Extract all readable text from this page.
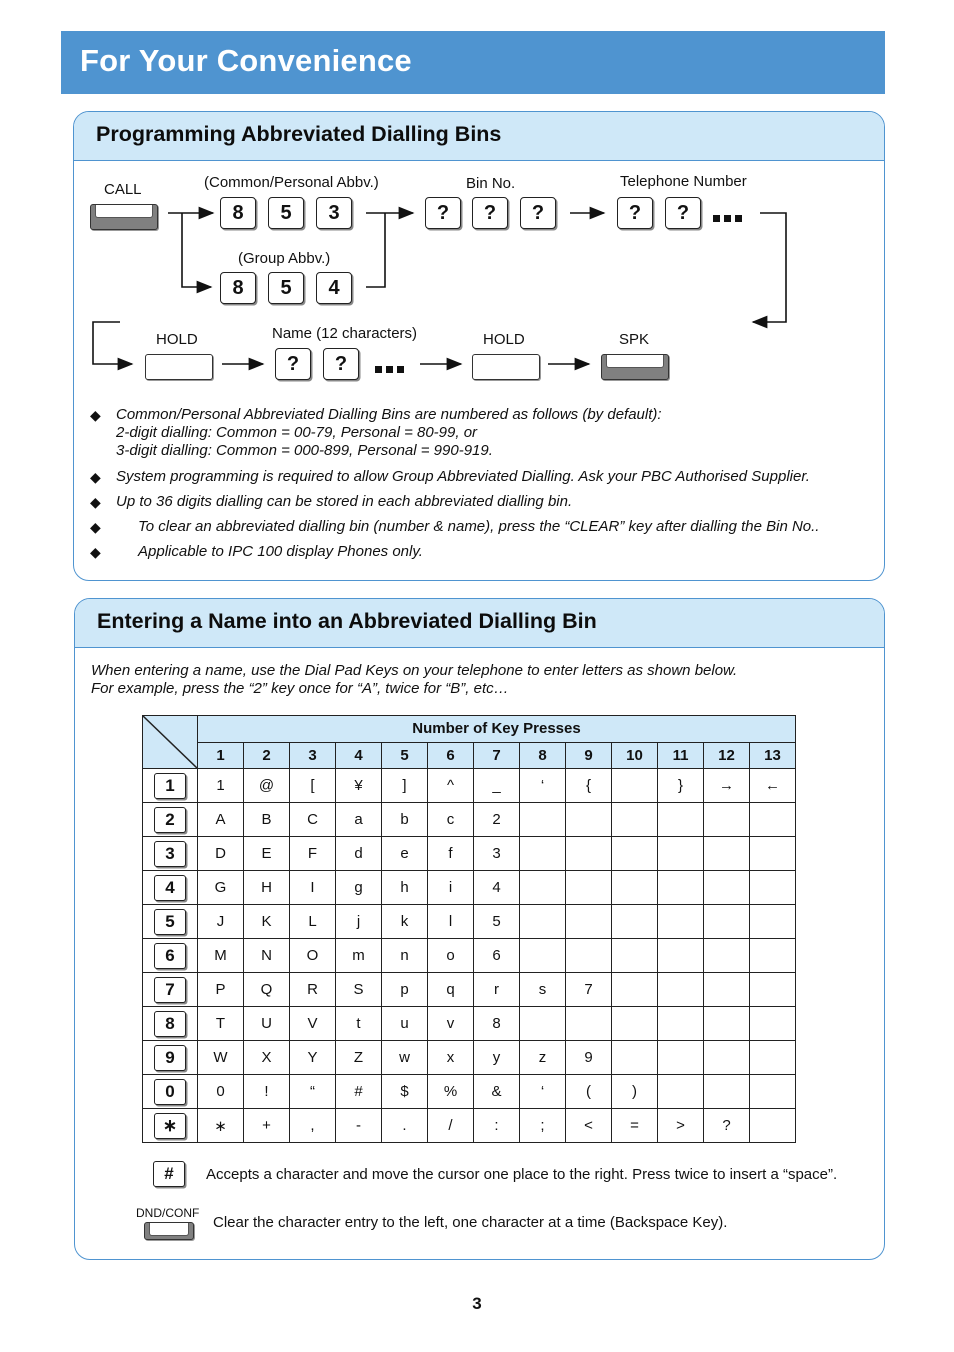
For Your Convenience
Programming Abbreviated Dialling Bins
CALL	(Common/Personal Abbv.)
8	5	3
(Group Abbv.)
8	5	4
Bin No.
?	?	?
Telephone Number
?	?
HOLD	Name (12 characters)
?	?
HOLD	SPK
◆ Common/Personal Abbreviated Dialling Bins are numbered as follows (by default):
2-digit dialling: Common = 00-79, Personal = 80-99, or
3-digit dialling: Common = 000-899, Personal = 990-919.
◆ System programming is required to allow Group Abbreviated Dialling. Ask your PBC Authorised Supplier.
◆ Up to 36 digits dialling can be stored in each abbreviated dialling bin.
◆ To clear an abbreviated dialling bin (number & name), press the “CLEAR” key after dialling the Bin No..
◆ Applicable to IPC 100 display Phones only.
Entering a Name into an Abbreviated Dialling Bin
When entering a name, use the Dial Pad Keys on your telephone to enter letters as shown below.
For example, press the “2” key once for “A”, twice for “B”, etc…
	Number of Key Presses												
	1	2	3	4	5	6	7	8	9	10	11	12	13
1	1	@	[	¥	]	^	_	‘	{		}	→	←
2	A	B	C	a	b	c	2						
3	D	E	F	d	e	f	3						
4	G	H	I	g	h	i	4						
5	J	K	L	j	k	l	5						
6	M	N	O	m	n	o	6						
7	P	Q	R	S	p	q	r	s	7				
8	T	U	V	t	u	v	8						
9	W	X	Y	Z	w	x	y	z	9				
0	0	!	“	#	$	%	&	‘	(	)			
∗	∗	+	,	-	.	/	:	;	<	=	>	?	
#	Accepts a character and move the cursor one place to the right. Press twice to insert a “space”.
DND/CONF
Clear the character entry to the left, one character at a time (Backspace Key).
3
